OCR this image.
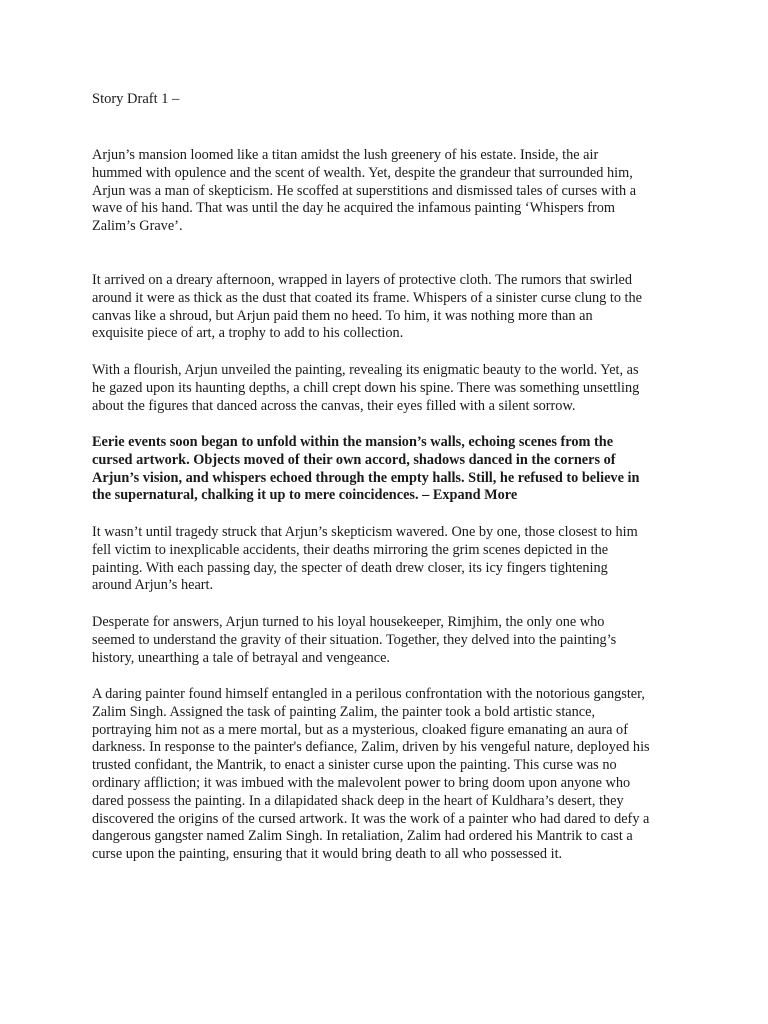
Story Draft 1 –

Arjun’s mansion loomed like a titan amidst the lush greenery of his estate. Inside, the air
hummed with opulence and the scent of wealth. Yet, despite the grandeur that surrounded him,
Arjun was a man of skepticism. He scoffed at superstitions and dismissed tales of curses with a
wave of his hand. That was until the day he acquired the infamous painting ‘Whispers from
Zalim’s Grave’.
It arrived on a dreary afternoon, wrapped in layers of protective cloth. The rumors that swirled
around it were as thick as the dust that coated its frame. Whispers of a sinister curse clung to the
canvas like a shroud, but Arjun paid them no heed. To him, it was nothing more than an
exquisite piece of art, a trophy to add to his collection.
With a flourish, Arjun unveiled the painting, revealing its enigmatic beauty to the world. Yet, as
he gazed upon its haunting depths, a chill crept down his spine. There was something unsettling
about the figures that danced across the canvas, their eyes filled with a silent sorrow.
Eerie events soon began to unfold within the mansion’s walls, echoing scenes from the
cursed artwork. Objects moved of their own accord, shadows danced in the corners of
Arjun’s vision, and whispers echoed through the empty halls. Still, he refused to believe in
the supernatural, chalking it up to mere coincidences. – Expand More
It wasn’t until tragedy struck that Arjun’s skepticism wavered. One by one, those closest to him
fell victim to inexplicable accidents, their deaths mirroring the grim scenes depicted in the
painting. With each passing day, the specter of death drew closer, its icy fingers tightening
around Arjun’s heart.
Desperate for answers, Arjun turned to his loyal housekeeper, Rimjhim, the only one who
seemed to understand the gravity of their situation. Together, they delved into the painting’s
history, unearthing a tale of betrayal and vengeance.
A daring painter found himself entangled in a perilous confrontation with the notorious gangster,
Zalim Singh. Assigned the task of painting Zalim, the painter took a bold artistic stance,
portraying him not as a mere mortal, but as a mysterious, cloaked figure emanating an aura of
darkness. In response to the painter's defiance, Zalim, driven by his vengeful nature, deployed his
trusted confidant, the Mantrik, to enact a sinister curse upon the painting. This curse was no
ordinary affliction; it was imbued with the malevolent power to bring doom upon anyone who
dared possess the painting. In a dilapidated shack deep in the heart of Kuldhara’s desert, they
discovered the origins of the cursed artwork. It was the work of a painter who had dared to defy a
dangerous gangster named Zalim Singh. In retaliation, Zalim had ordered his Mantrik to cast a
curse upon the painting, ensuring that it would bring death to all who possessed it.
